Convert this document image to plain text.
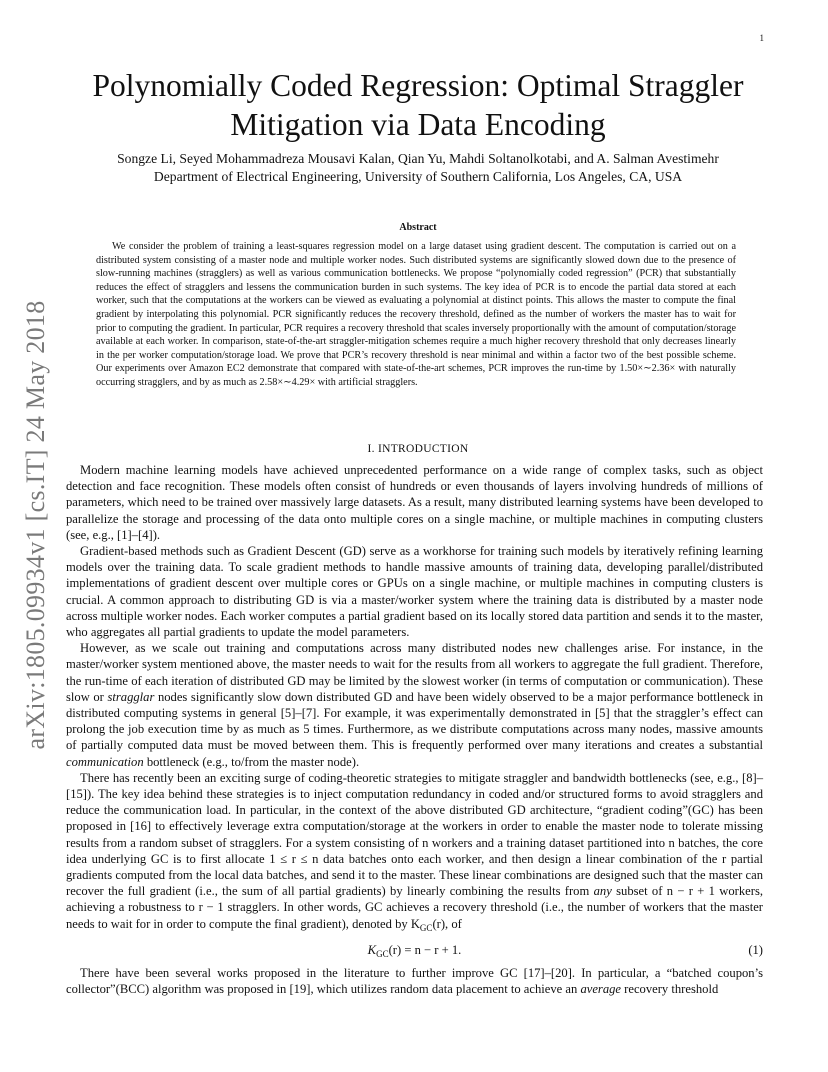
1
arXiv:1805.09934v1 [cs.IT] 24 May 2018
Polynomially Coded Regression: Optimal Straggler
Mitigation via Data Encoding
Songze Li, Seyed Mohammadreza Mousavi Kalan, Qian Yu, Mahdi Soltanolkotabi, and A. Salman Avestimehr
Department of Electrical Engineering, University of Southern California, Los Angeles, CA, USA
Abstract
We consider the problem of training a least-squares regression model on a large dataset using gradient descent. The computation is carried out on a distributed system consisting of a master node and multiple worker nodes. Such distributed systems are significantly slowed down due to the presence of slow-running machines (stragglers) as well as various communication bottlenecks. We propose “polynomially coded regression” (PCR) that substantially reduces the effect of stragglers and lessens the communication burden in such systems. The key idea of PCR is to encode the partial data stored at each worker, such that the computations at the workers can be viewed as evaluating a polynomial at distinct points. This allows the master to compute the final gradient by interpolating this polynomial. PCR significantly reduces the recovery threshold, defined as the number of workers the master has to wait for prior to computing the gradient. In particular, PCR requires a recovery threshold that scales inversely proportionally with the amount of computation/storage available at each worker. In comparison, state-of-the-art straggler-mitigation schemes require a much higher recovery threshold that only decreases linearly in the per worker computation/storage load. We prove that PCR’s recovery threshold is near minimal and within a factor two of the best possible scheme. Our experiments over Amazon EC2 demonstrate that compared with state-of-the-art schemes, PCR improves the run-time by 1.50×∼2.36× with naturally occurring stragglers, and by as much as 2.58×∼4.29× with artificial stragglers.
I. INTRODUCTION

Modern machine learning models have achieved unprecedented performance on a wide range of complex tasks, such as object detection and face recognition. These models often consist of hundreds or even thousands of layers involving hundreds of millions of parameters, which need to be trained over massively large datasets. As a result, many distributed learning systems have been developed to parallelize the storage and processing of the data onto multiple cores on a single machine, or multiple machines in computing clusters (see, e.g., [1]–[4]).

Gradient-based methods such as Gradient Descent (GD) serve as a workhorse for training such models by iteratively refining learning models over the training data. To scale gradient methods to handle massive amounts of training data, developing parallel/distributed implementations of gradient descent over multiple cores or GPUs on a single machine, or multiple machines in computing clusters is crucial. A common approach to distributing GD is via a master/worker system where the training data is distributed by a master node across multiple worker nodes. Each worker computes a partial gradient based on its locally stored data partition and sends it to the master, who aggregates all partial gradients to update the model parameters.

However, as we scale out training and computations across many distributed nodes new challenges arise. For instance, in the master/worker system mentioned above, the master needs to wait for the results from all workers to aggregate the full gradient. Therefore, the run-time of each iteration of distributed GD may be limited by the slowest worker (in terms of computation or communication). These slow or stragglar nodes significantly slow down distributed GD and have been widely observed to be a major performance bottleneck in distributed computing systems in general [5]–[7]. For example, it was experimentally demonstrated in [5] that the straggler’s effect can prolong the job execution time by as much as 5 times. Furthermore, as we distribute computations across many nodes, massive amounts of partially computed data must be moved between them. This is frequently performed over many iterations and creates a substantial communication bottleneck (e.g., to/from the master node).

There has recently been an exciting surge of coding-theoretic strategies to mitigate straggler and bandwidth bottlenecks (see, e.g., [8]–[15]). The key idea behind these strategies is to inject computation redundancy in coded and/or structured forms to avoid stragglers and reduce the communication load. In particular, in the context of the above distributed GD architecture, “gradient coding”(GC) has been proposed in [16] to effectively leverage extra computation/storage at the workers in order to enable the master node to tolerate missing results from a random subset of stragglers. For a system consisting of n workers and a training dataset partitioned into n batches, the core idea underlying GC is to first allocate 1 ≤ r ≤ n data batches onto each worker, and then design a linear combination of the r partial gradients computed from the local data batches, and send it to the master. These linear combinations are designed such that the master can recover the full gradient (i.e., the sum of all partial gradients) by linearly combining the results from any subset of n − r + 1 workers, achieving a robustness to r − 1 stragglers. In other words, GC achieves a recovery threshold (i.e., the number of workers that the master needs to wait for in order to compute the final gradient), denoted by $K_{GC}(r)$, of

$K_{GC}(r) = n - r + 1$.	(1)

There have been several works proposed in the literature to further improve GC [17]–[20]. In particular, a “batched coupon’s collector”(BCC) algorithm was proposed in [19], which utilizes random data placement to achieve an average recovery threshold
